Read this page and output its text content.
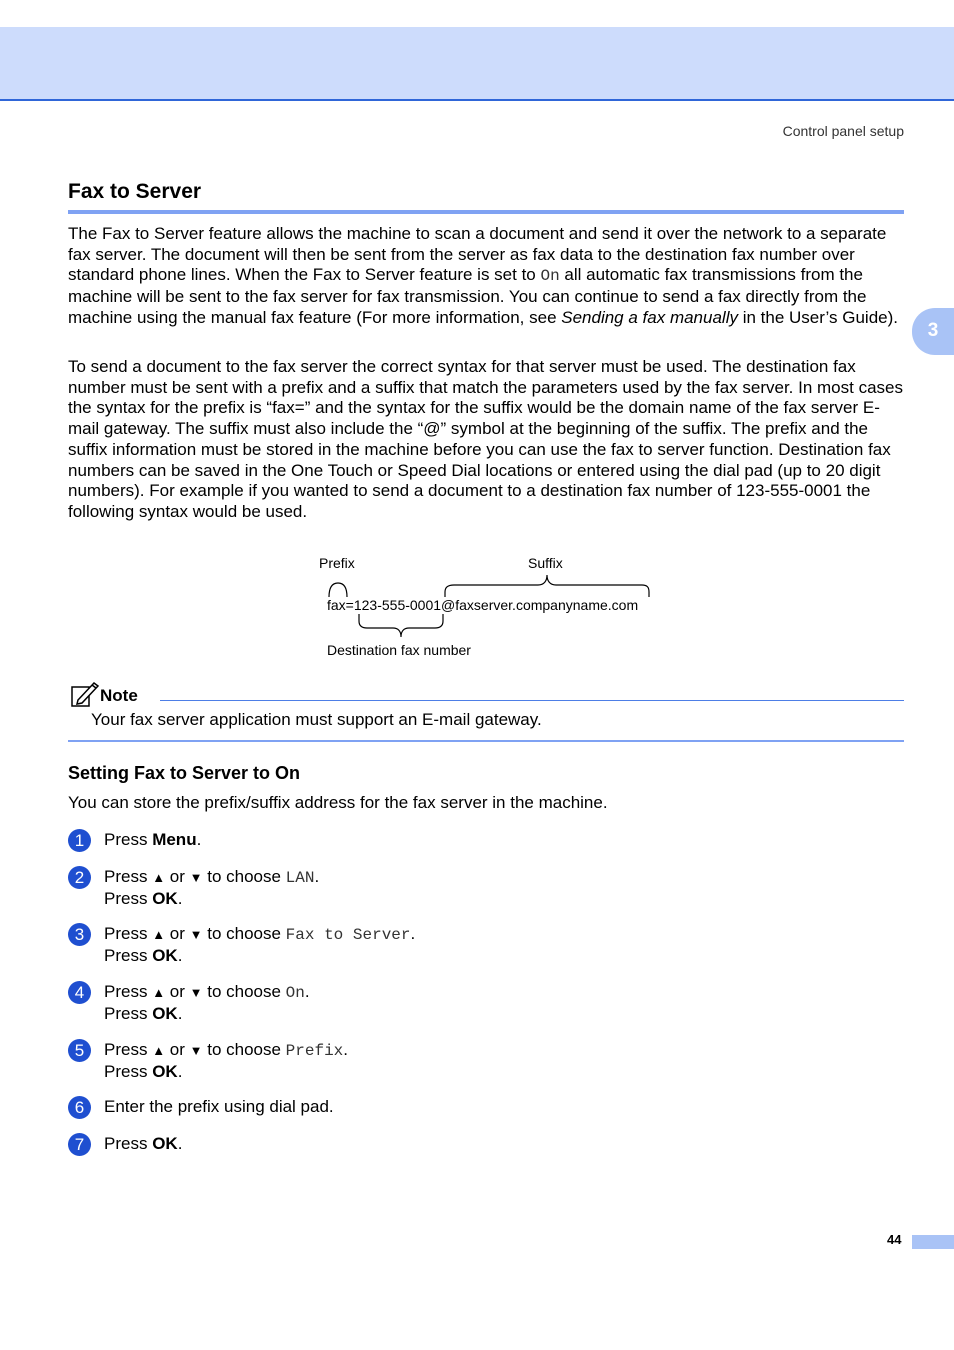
Control panel setup
3
Fax to Server

The Fax to Server feature allows the machine to scan a document and send it over the network to a separate fax server. The document will then be sent from the server as fax data to the destination fax number over standard phone lines. When the Fax to Server feature is set to On all automatic fax transmissions from the machine will be sent to the fax server for fax transmission. You can continue to send a fax directly from the machine using the manual fax feature (For more information, see Sending a fax manually in the User’s Guide).

To send a document to the fax server the correct syntax for that server must be used. The destination fax number must be sent with a prefix and a suffix that match the parameters used by the fax server. In most cases the syntax for the prefix is “fax=” and the syntax for the suffix would be the domain name of the fax server E-mail gateway. The suffix must also include the “@” symbol at the beginning of the suffix. The prefix and the suffix information must be stored in the machine before you can use the fax to server function. Destination fax numbers can be saved in the One Touch or Speed Dial locations or entered using the dial pad (up to 20 digit numbers). For example if you wanted to send a document to a destination fax number of 123-555-0001 the following syntax would be used.

Prefix	Suffix
fax=123-555-0001@faxserver.companyname.com
Destination fax number
Note
Your fax server application must support an E-mail gateway.
Setting Fax to Server to On

You can store the prefix/suffix address for the fax server in the machine.

1	Press Menu.
2	Press ▲ or ▼ to choose LAN.
Press OK.
3	Press ▲ or ▼ to choose Fax to Server.
Press OK.
4	Press ▲ or ▼ to choose On.
Press OK.
5	Press ▲ or ▼ to choose Prefix.
Press OK.
6	Enter the prefix using dial pad.
7	Press OK.
44
